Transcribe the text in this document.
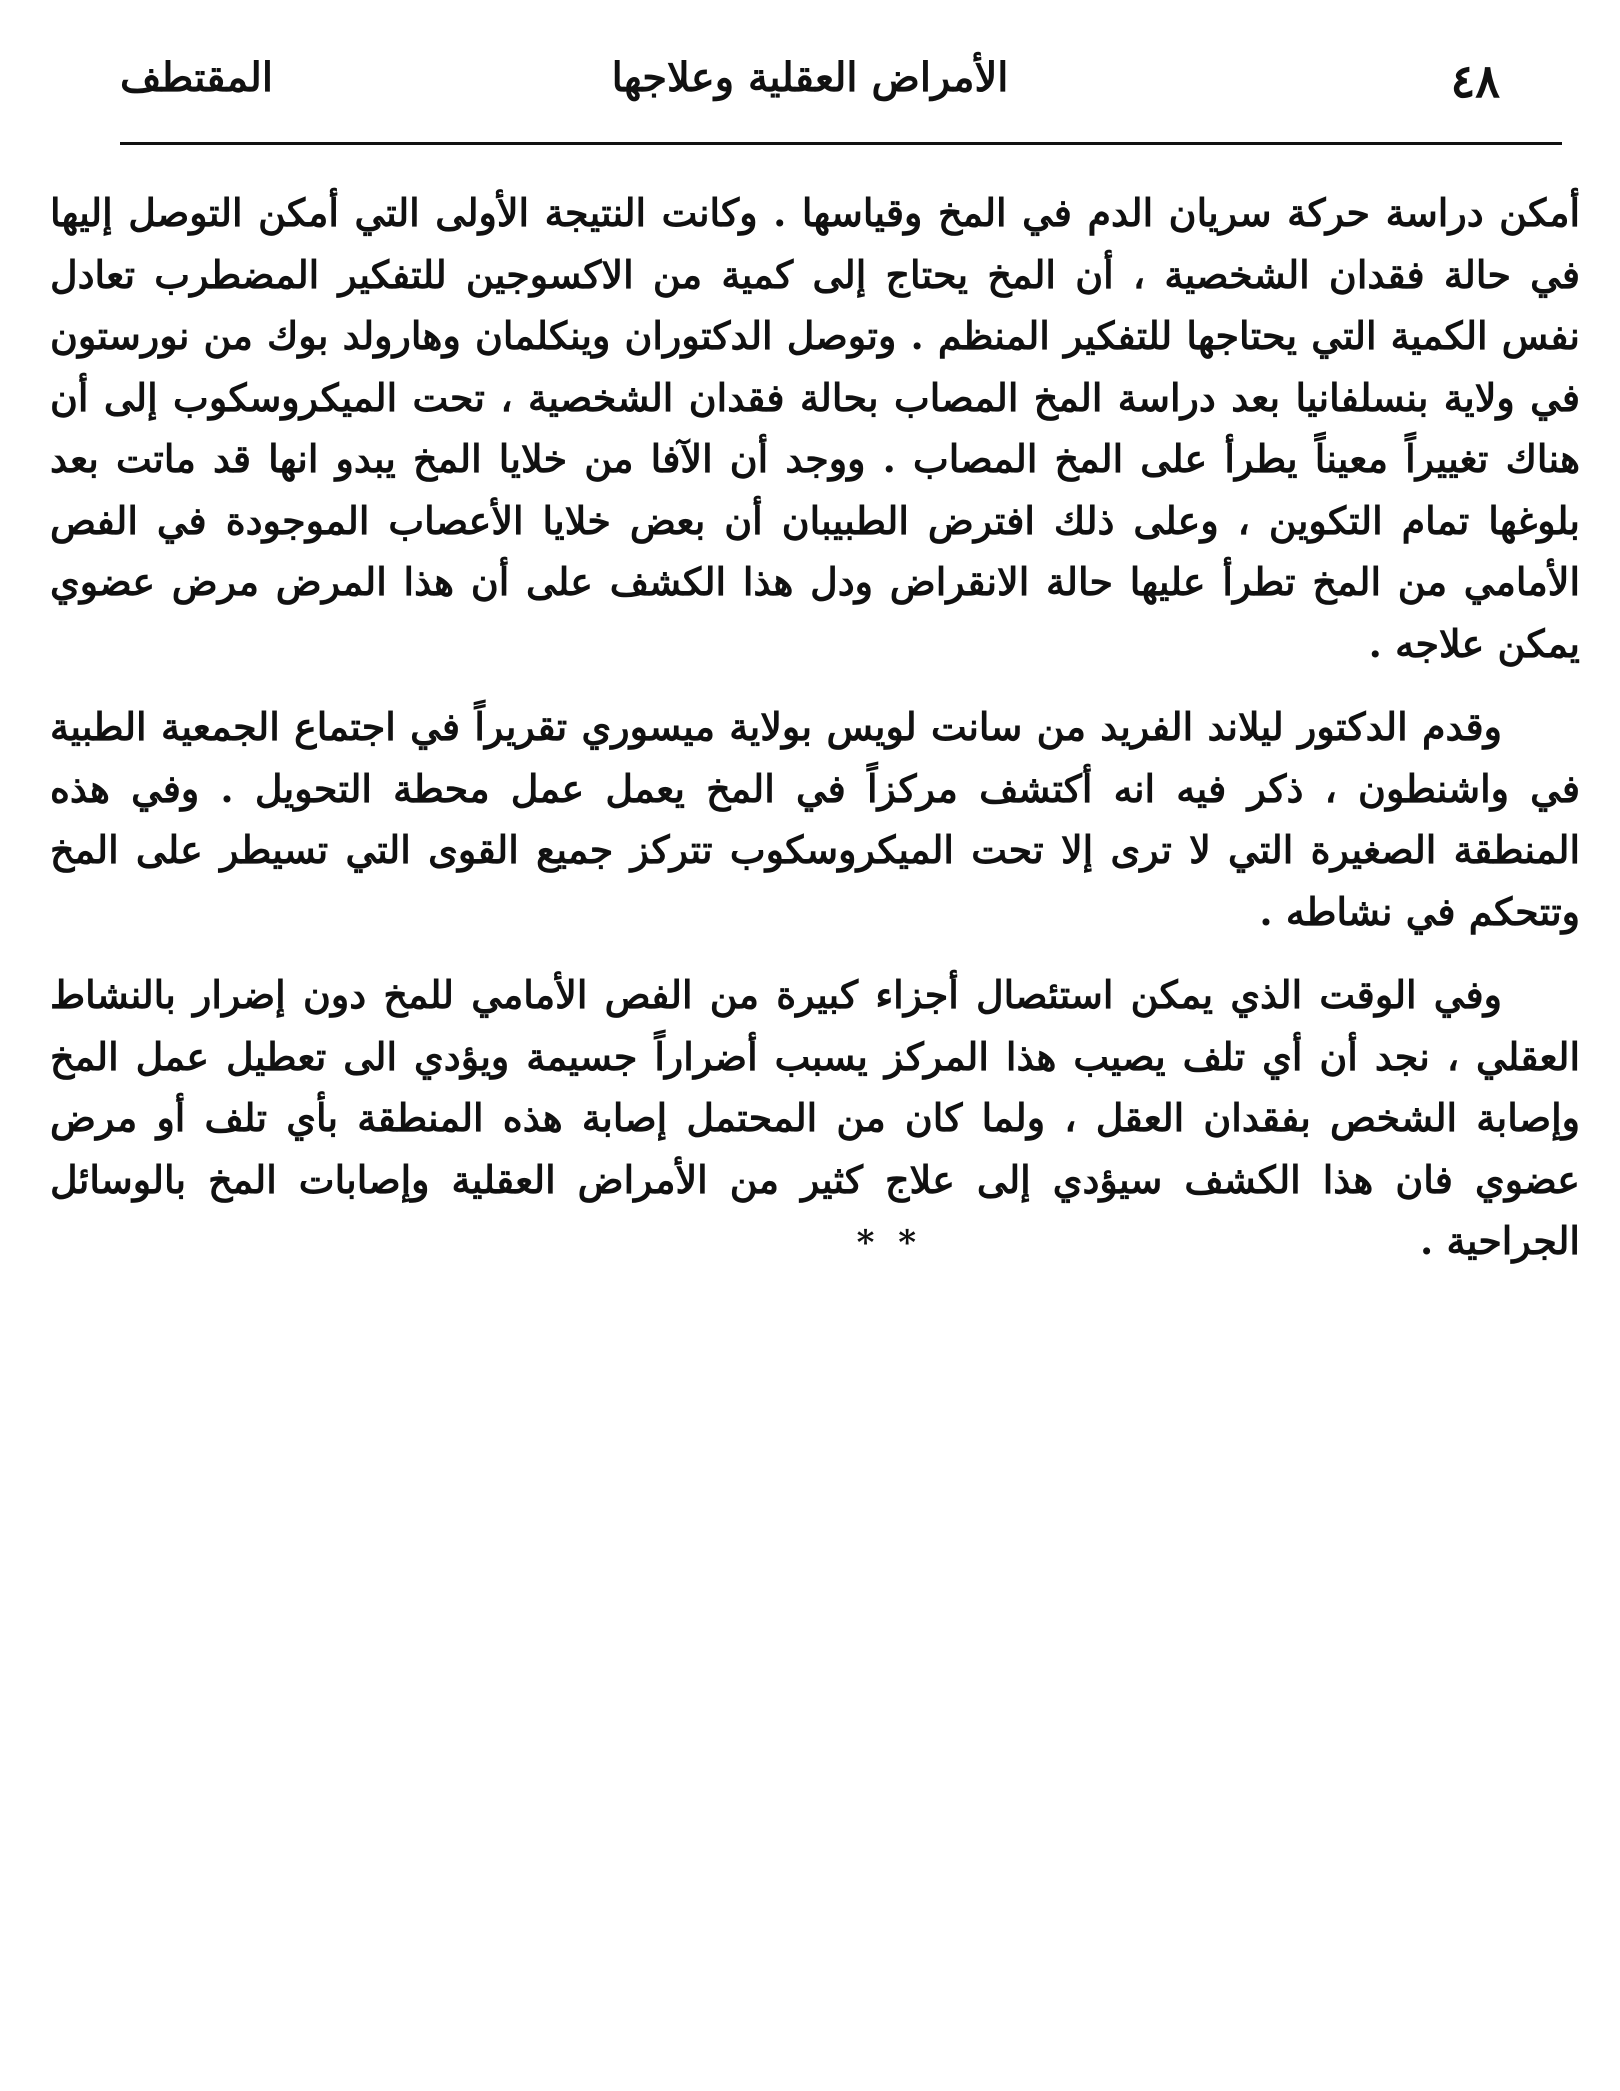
٤٨
الأمراض العقلية وعلاجها
المقتطف

أمكن دراسة حركة سريان الدم في المخ وقياسها . وكانت النتيجة الأولى التي أمكن التوصل إليها في حالة فقدان الشخصية ، أن المخ يحتاج إلى كمية من الاكسوجين للتفكير المضطرب تعادل نفس الكمية التي يحتاجها للتفكير المنظم . وتوصل الدكتوران وينكلمان وهارولد بوك من نورستون في ولاية بنسلفانيا بعد دراسة المخ المصاب بحالة فقدان الشخصية ، تحت الميكروسكوب إلى أن هناك تغييراً معيناً يطرأ على المخ المصاب . ووجد أن الآفا من خلايا المخ يبدو انها قد ماتت بعد بلوغها تمام التكوين ، وعلى ذلك افترض الطبيبان أن بعض خلايا الأعصاب الموجودة في الفص الأمامي من المخ تطرأ عليها حالة الانقراض ودل هذا الكشف على أن هذا المرض مرض عضوي يمكن علاجه .

وقدم الدكتور ليلاند الفريد من سانت لويس بولاية ميسوري تقريراً في اجتماع الجمعية الطبية في واشنطون ، ذكر فيه انه أكتشف مركزاً في المخ يعمل عمل محطة التحويل . وفي هذه المنطقة الصغيرة التي لا ترى إلا تحت الميكروسكوب تتركز جميع القوى التي تسيطر على المخ وتتحكم في نشاطه .

وفي الوقت الذي يمكن استئصال أجزاء كبيرة من الفص الأمامي للمخ دون إضرار بالنشاط العقلي ، نجد أن أي تلف يصيب هذا المركز يسبب أضراراً جسيمة ويؤدي الى تعطيل عمل المخ وإصابة الشخص بفقدان العقل ، ولما كان من المحتمل إصابة هذه المنطقة بأي تلف أو مرض عضوي فان هذا الكشف سيؤدي إلى علاج كثير من الأمراض العقلية وإصابات المخ بالوسائل الجراحية .* *
